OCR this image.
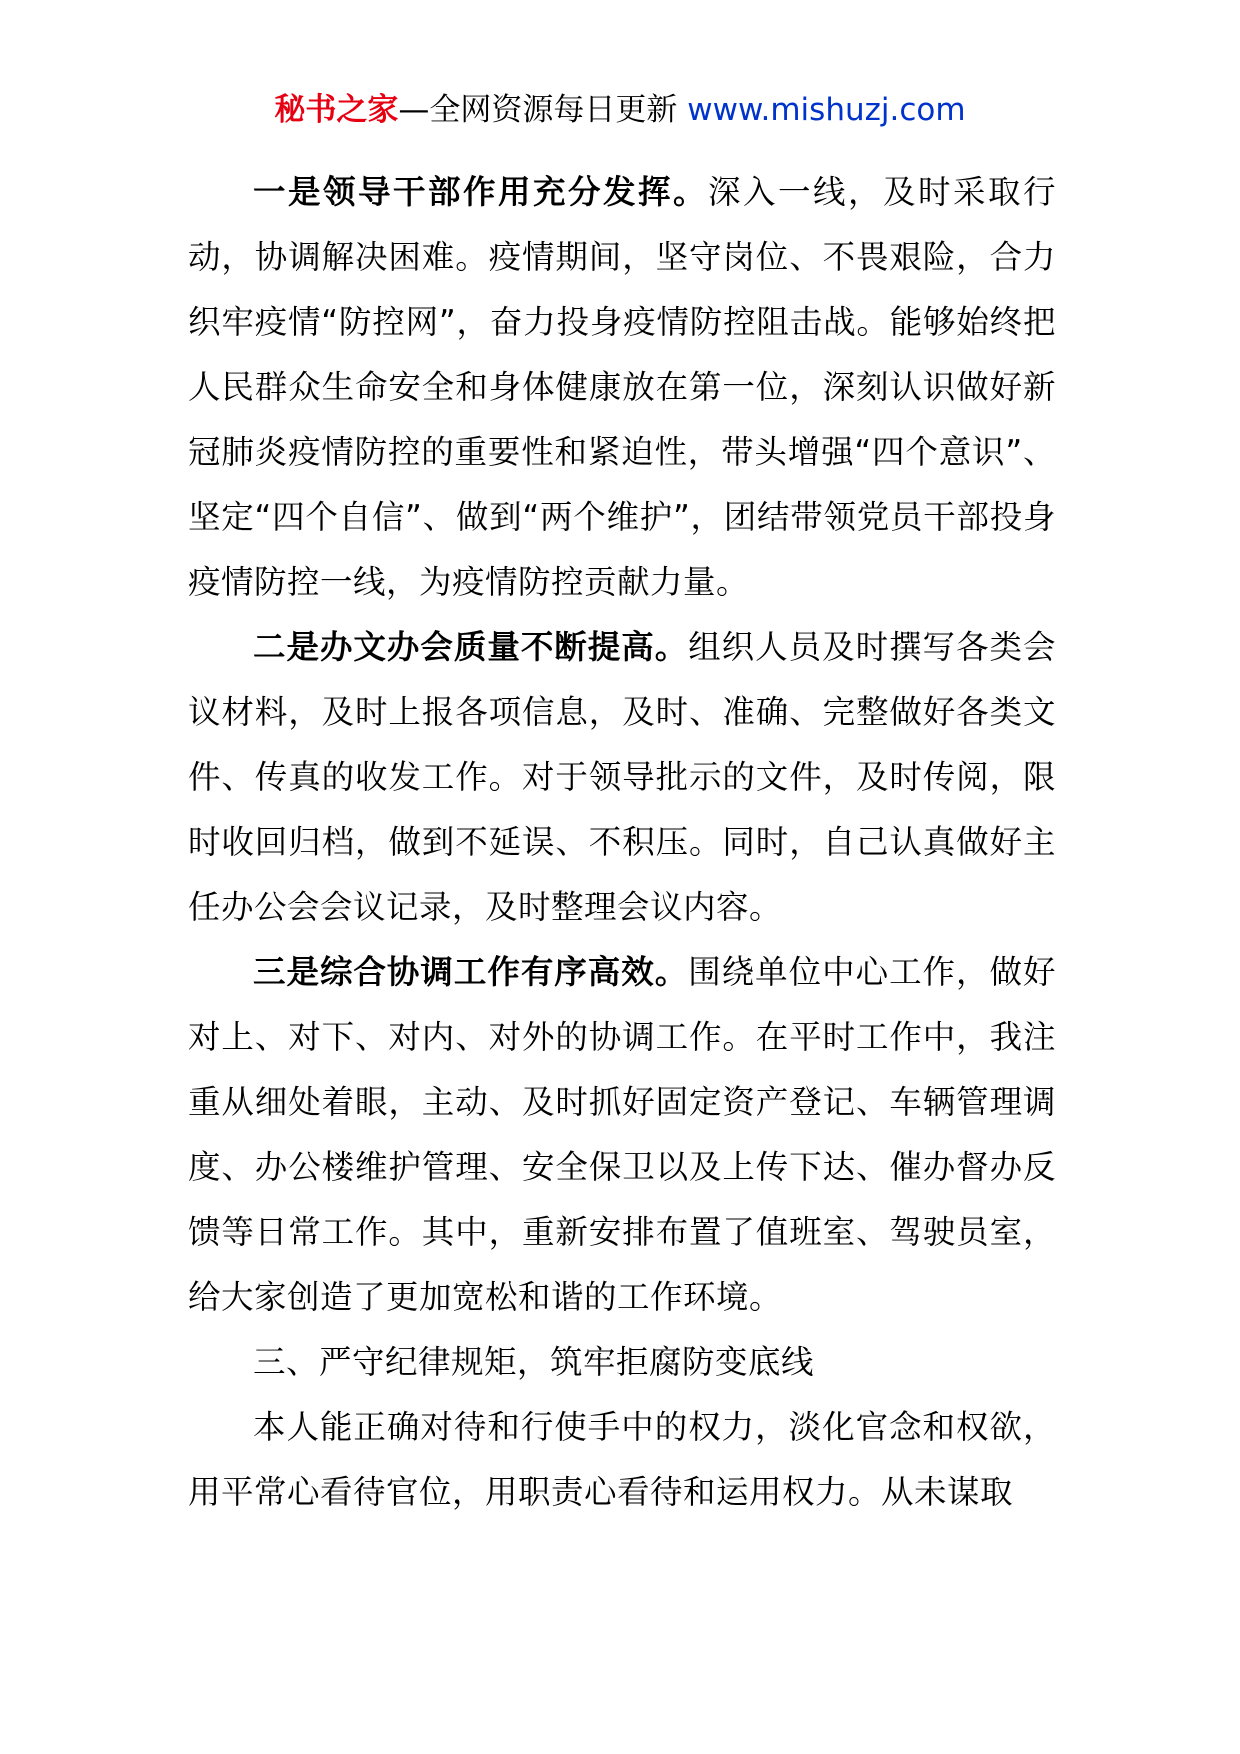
秘书之家—全网资源每日更新 www.mishuzj.com

一是领导干部作用充分发挥。深入一线，及时采取行动，协调解决困难。疫情期间，坚守岗位、不畏艰险，合力织牢疫情“防控网”，奋力投身疫情防控阻击战。能够始终把人民群众生命安全和身体健康放在第一位，深刻认识做好新冠肺炎疫情防控的重要性和紧迫性，带头增强“四个意识”、坚定“四个自信”、做到“两个维护”，团结带领党员干部投身疫情防控一线，为疫情防控贡献力量。

二是办文办会质量不断提高。组织人员及时撰写各类会议材料，及时上报各项信息，及时、准确、完整做好各类文件、传真的收发工作。对于领导批示的文件，及时传阅，限时收回归档，做到不延误、不积压。同时，自己认真做好主任办公会会议记录，及时整理会议内容。

三是综合协调工作有序高效。围绕单位中心工作，做好对上、对下、对内、对外的协调工作。在平时工作中，我注重从细处着眼，主动、及时抓好固定资产登记、车辆管理调度、办公楼维护管理、安全保卫以及上传下达、催办督办反馈等日常工作。其中，重新安排布置了值班室、驾驶员室，给大家创造了更加宽松和谐的工作环境。

三、严守纪律规矩，筑牢拒腐防变底线

本人能正确对待和行使手中的权力，淡化官念和权欲，用平常心看待官位，用职责心看待和运用权力。从未谋取
